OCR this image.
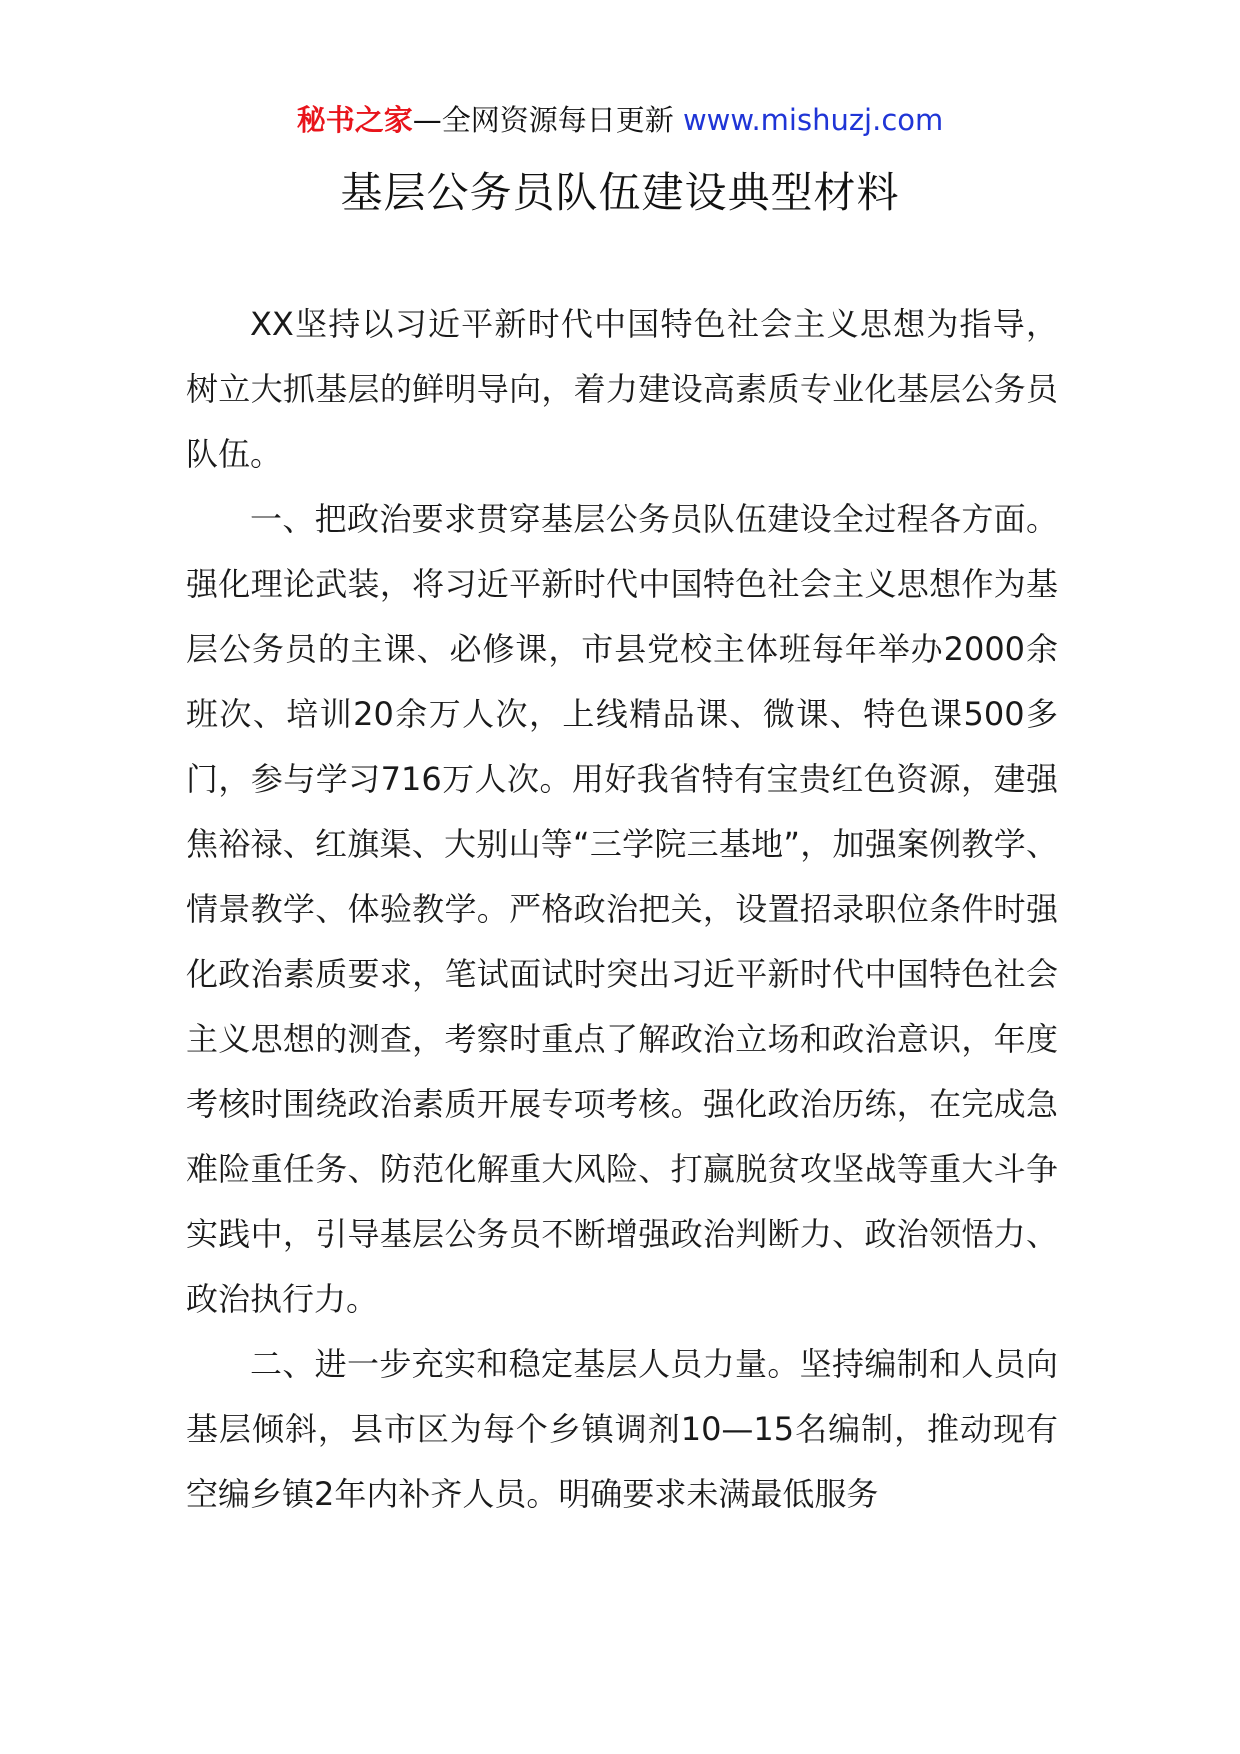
秘书之家—全网资源每日更新 www.mishuzj.com
基层公务员队伍建设典型材料

XX坚持以习近平新时代中国特色社会主义思想为指导，树立大抓基层的鲜明导向，着力建设高素质专业化基层公务员队伍。

一、把政治要求贯穿基层公务员队伍建设全过程各方面。强化理论武装，将习近平新时代中国特色社会主义思想作为基层公务员的主课、必修课，市县党校主体班每年举办2000余班次、培训20余万人次，上线精品课、微课、特色课500多门，参与学习716万人次。用好我省特有宝贵红色资源，建强焦裕禄、红旗渠、大别山等“三学院三基地”，加强案例教学、情景教学、体验教学。严格政治把关，设置招录职位条件时强化政治素质要求，笔试面试时突出习近平新时代中国特色社会主义思想的测查，考察时重点了解政治立场和政治意识，年度考核时围绕政治素质开展专项考核。强化政治历练，在完成急难险重任务、防范化解重大风险、打赢脱贫攻坚战等重大斗争实践中，引导基层公务员不断增强政治判断力、政治领悟力、政治执行力。

二、进一步充实和稳定基层人员力量。坚持编制和人员向基层倾斜，县市区为每个乡镇调剂10—15名编制，推动现有空编乡镇2年内补齐人员。明确要求未满最低服务
